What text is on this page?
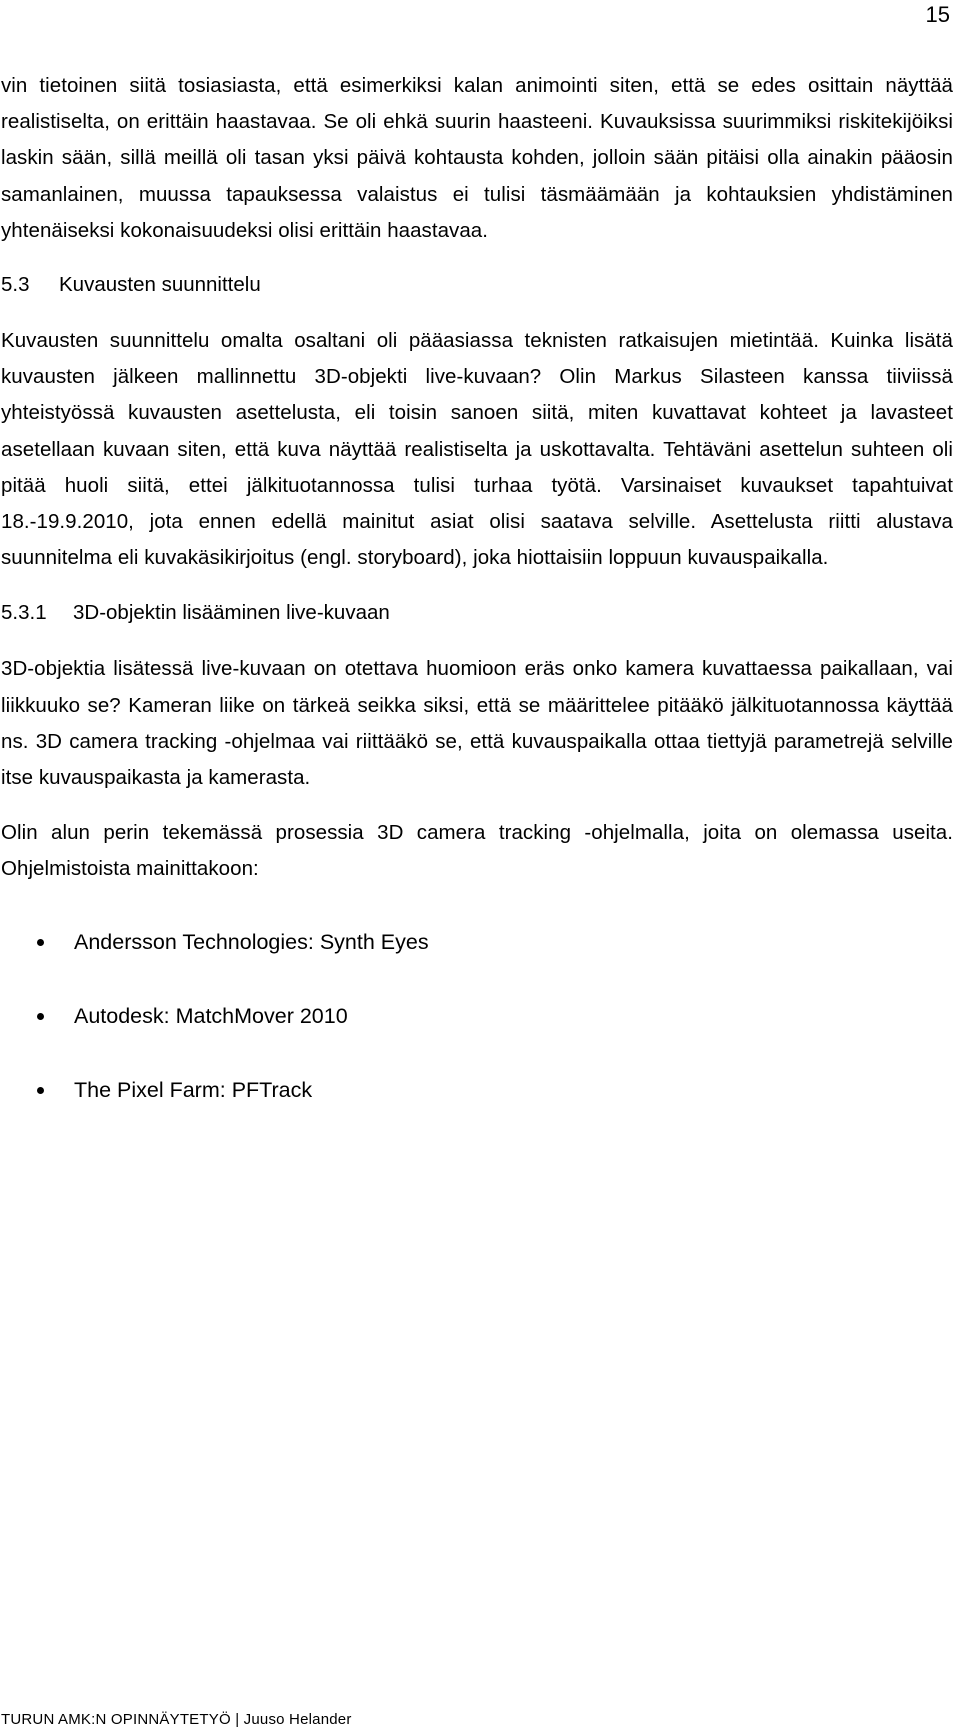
15

vin tietoinen siitä tosiasiasta, että esimerkiksi kalan animointi siten, että se edes osittain näyttää realistiselta, on erittäin haastavaa. Se oli ehkä suurin haasteeni. Kuvauksissa suurimmiksi riskitekijöiksi laskin sään, sillä meillä oli tasan yksi päivä kohtausta kohden, jolloin sään pitäisi olla ainakin pääosin samanlainen, muussa tapauksessa valaistus ei tulisi täsmäämään ja kohtauksien yhdistäminen yhtenäiseksi kokonaisuudeksi olisi erittäin haastavaa.

5.3 Kuvausten suunnittelu

Kuvausten suunnittelu omalta osaltani oli pääasiassa teknisten ratkaisujen mietintää. Kuinka lisätä kuvausten jälkeen mallinnettu 3D-objekti live-kuvaan? Olin Markus Silasteen kanssa tiiviissä yhteistyössä kuvausten asettelusta, eli toisin sanoen siitä, miten kuvattavat kohteet ja lavasteet asetellaan kuvaan siten, että kuva näyttää realistiselta ja uskottavalta. Tehtäväni asettelun suhteen oli pitää huoli siitä, ettei jälkituotannossa tulisi turhaa työtä. Varsinaiset kuvaukset tapahtuivat 18.-19.9.2010, jota ennen edellä mainitut asiat olisi saatava selville. Asettelusta riitti alustava suunnitelma eli kuvakäsikirjoitus (engl. storyboard), joka hiottaisiin loppuun kuvauspaikalla.

5.3.1 3D-objektin lisääminen live-kuvaan

3D-objektia lisätessä live-kuvaan on otettava huomioon eräs onko kamera kuvattaessa paikallaan, vai liikkuuko se? Kameran liike on tärkeä seikka siksi, että se määrittelee pitääkö jälkituotannossa käyttää ns. 3D camera tracking -ohjelmaa vai riittääkö se, että kuvauspaikalla ottaa tiettyjä parametrejä selville itse kuvauspaikasta ja kamerasta.

Olin alun perin tekemässä prosessia 3D camera tracking -ohjelmalla, joita on olemassa useita. Ohjelmistoista mainittakoon:

Andersson Technologies: Synth Eyes
Autodesk: MatchMover 2010
The Pixel Farm: PFTrack
TURUN AMK:N OPINNÄYTETYÖ | Juuso Helander
